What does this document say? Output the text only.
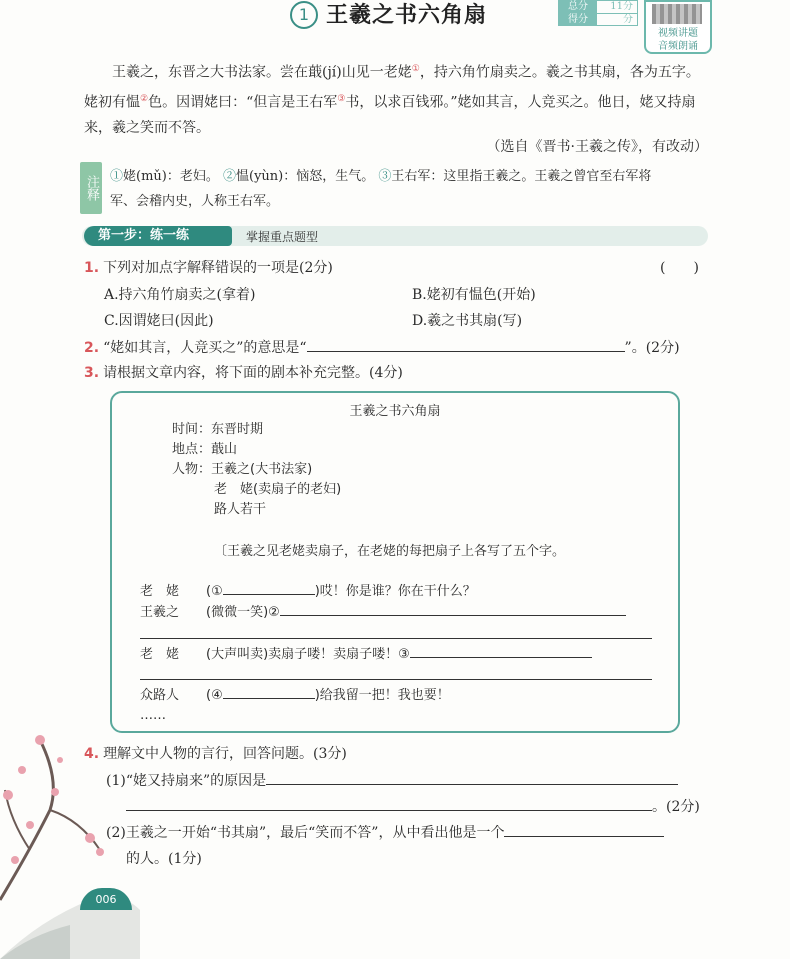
1 王羲之书六角扇	总分	11分
得分	分
视频讲题
音频朗诵
王羲之，东晋之大书法家。尝在蕺(jí)山见一老姥①，持六角竹扇卖之。羲之书其扇，各为五字。姥初有愠②色。因谓姥曰：“但言是王右军③书，以求百钱邪。”姥如其言，人竞买之。他日，姥又持扇来，羲之笑而不答。
（选自《晋书·王羲之传》，有改动）
注释 ①姥(mǔ)：老妇。 ②愠(yùn)：恼怒，生气。 ③王右军：这里指王羲之。王羲之曾官至右军将
军、会稽内史，人称王右军。
第一步：练一练	掌握重点题型
1. 下列对加点字解释错误的一项是(2分)	(　　)
A.持六角竹扇卖之(拿着)	B.姥初有愠色(开始)
C.因谓姥曰(因此)	D.羲之书其扇(写)
2. “姥如其言，人竞买之”的意思是“	”。(2分)
3. 请根据文章内容，将下面的剧本补充完整。(4分)
王羲之书六角扇
时间：东晋时期
地点：蕺山
人物：王羲之(大书法家)
老　姥(卖扇子的老妇)
路人若干
〔王羲之见老姥卖扇子，在老姥的每把扇子上各写了五个字。
老　姥 (①	)哎！你是谁？你在干什么？
王羲之 (微微一笑)②
老　姥 (大声叫卖)卖扇子喽！卖扇子喽！③
众路人 (④	)给我留一把！我也要！
……
4. 理解文中人物的言行，回答问题。(3分)
(1)“姥又持扇来”的原因是
。(2分)
(2)王羲之一开始“书其扇”，最后“笑而不答”，从中看出他是一个
的人。(1分)
006
